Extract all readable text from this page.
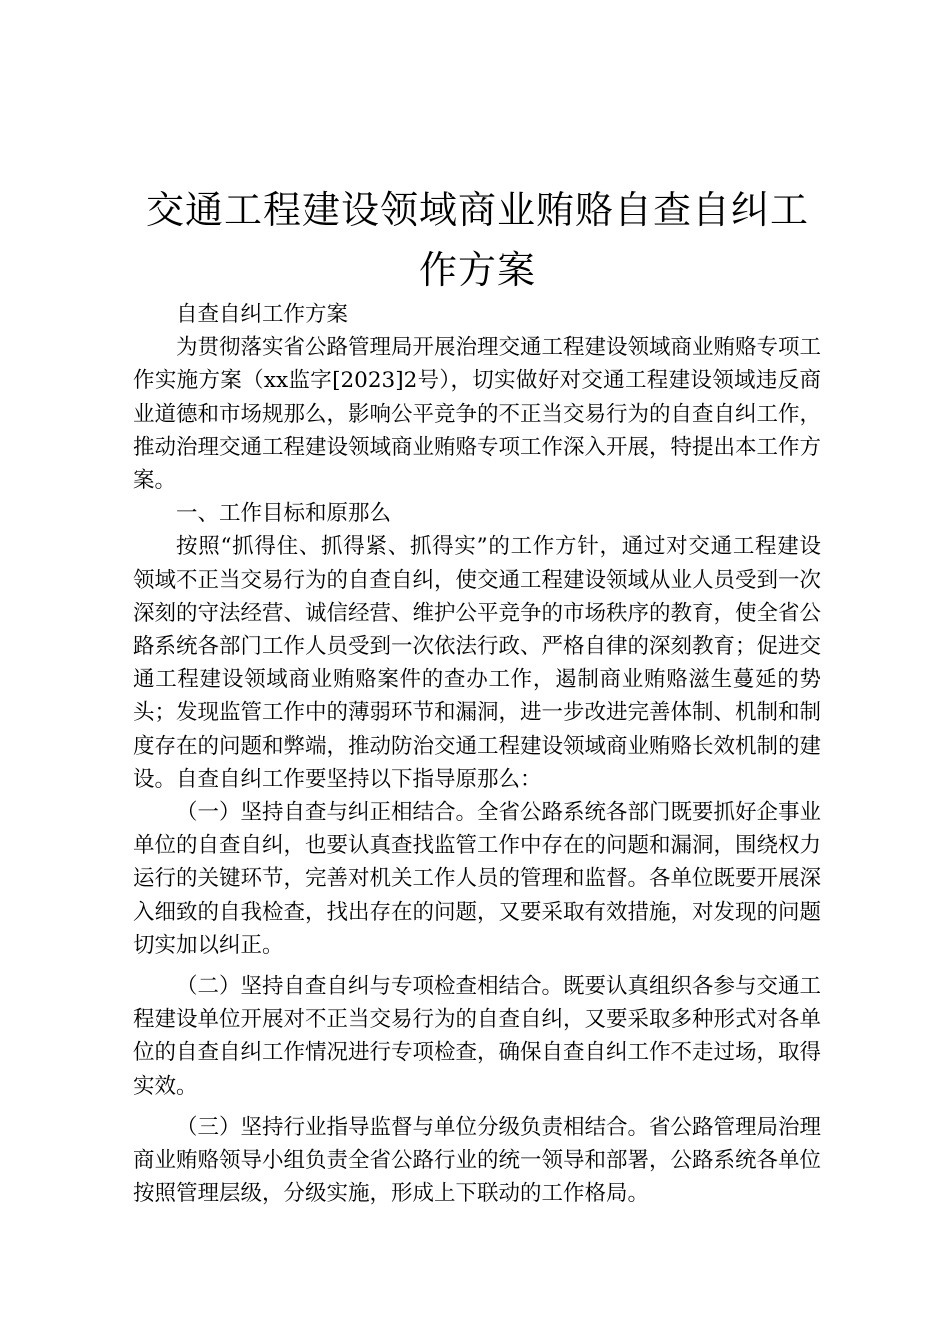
交通工程建设领域商业贿赂自查自纠工作方案

自查自纠工作方案

为贯彻落实省公路管理局开展治理交通工程建设领域商业贿赂专项工作实施方案（xx监字[2023]2号），切实做好对交通工程建设领域违反商业道德和市场规那么，影响公平竞争的不正当交易行为的自查自纠工作，推动治理交通工程建设领域商业贿赂专项工作深入开展，特提出本工作方案。

一、工作目标和原那么

按照“抓得住、抓得紧、抓得实”的工作方针，通过对交通工程建设领域不正当交易行为的自查自纠，使交通工程建设领域从业人员受到一次深刻的守法经营、诚信经营、维护公平竞争的市场秩序的教育，使全省公路系统各部门工作人员受到一次依法行政、严格自律的深刻教育；促进交通工程建设领域商业贿赂案件的查办工作，遏制商业贿赂滋生蔓延的势头；发现监管工作中的薄弱环节和漏洞，进一步改进完善体制、机制和制度存在的问题和弊端，推动防治交通工程建设领域商业贿赂长效机制的建设。自查自纠工作要坚持以下指导原那么：

（一）坚持自查与纠正相结合。全省公路系统各部门既要抓好企事业单位的自查自纠，也要认真查找监管工作中存在的问题和漏洞，围绕权力运行的关键环节，完善对机关工作人员的管理和监督。各单位既要开展深入细致的自我检查，找出存在的问题，又要采取有效措施，对发现的问题切实加以纠正。

（二）坚持自查自纠与专项检查相结合。既要认真组织各参与交通工程建设单位开展对不正当交易行为的自查自纠，又要采取多种形式对各单位的自查自纠工作情况进行专项检查，确保自查自纠工作不走过场，取得实效。

（三）坚持行业指导监督与单位分级负责相结合。省公路管理局治理商业贿赂领导小组负责全省公路行业的统一领导和部署，公路系统各单位按照管理层级，分级实施，形成上下联动的工作格局。
